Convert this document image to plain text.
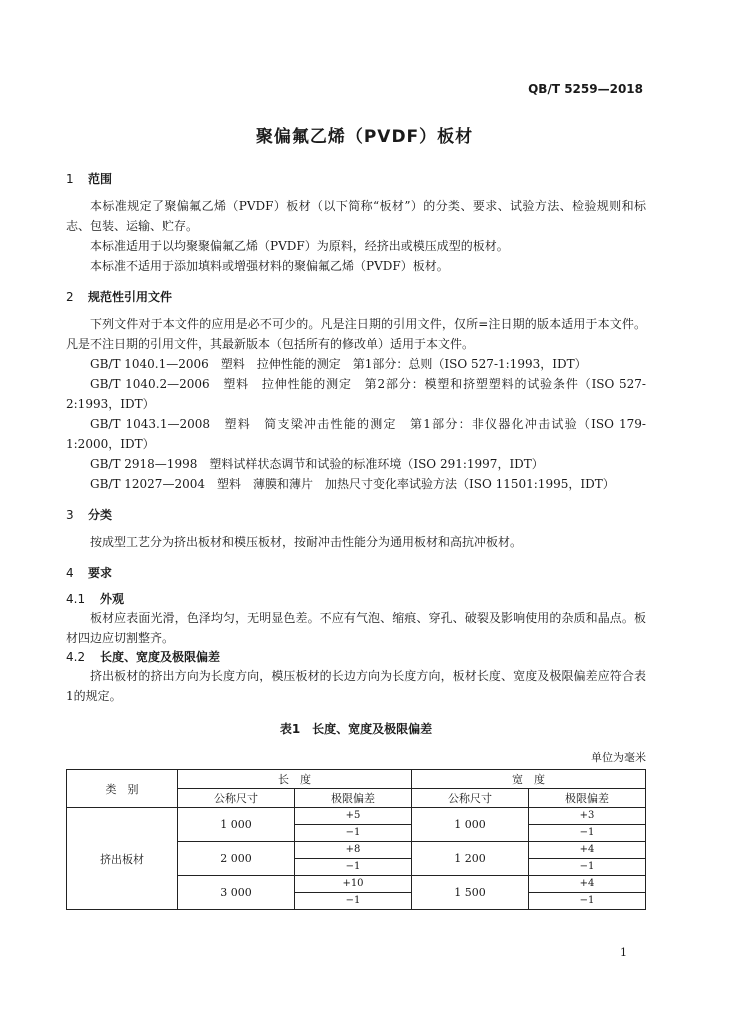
QB/T 5259—2018
聚偏氟乙烯（PVDF）板材
1 范围

本标准规定了聚偏氟乙烯（PVDF）板材（以下简称“板材”）的分类、要求、试验方法、检验规则和标志、包装、运输、贮存。

本标准适用于以均聚聚偏氟乙烯（PVDF）为原料，经挤出或模压成型的板材。

本标准不适用于添加填料或增强材料的聚偏氟乙烯（PVDF）板材。

2 规范性引用文件

下列文件对于本文件的应用是必不可少的。凡是注日期的引用文件，仅所=注日期的版本适用于本文件。凡是不注日期的引用文件，其最新版本（包括所有的修改单）适用于本文件。

GB/T 1040.1—2006　塑料　拉伸性能的测定　第1部分：总则（ISO 527-1:1993，IDT）

GB/T 1040.2—2006　塑料　拉伸性能的测定　第2部分：模塑和挤塑塑料的试验条件（ISO 527-2:1993，IDT）

GB/T 1043.1—2008　塑料　简支梁冲击性能的测定　第1部分：非仪器化冲击试验（ISO 179-1:2000，IDT）

GB/T 2918—1998　塑料试样状态调节和试验的标准环境（ISO 291:1997，IDT）

GB/T 12027—2004　塑料　薄膜和薄片　加热尺寸变化率试验方法（ISO 11501:1995，IDT）

3 分类

按成型工艺分为挤出板材和模压板材，按耐冲击性能分为通用板材和高抗冲板材。

4 要求
4.1 外观

板材应表面光滑，色泽均匀，无明显色差。不应有气泡、缩痕、穿孔、破裂及影响使用的杂质和晶点。板材四边应切割整齐。

4.2 长度、宽度及极限偏差

挤出板材的挤出方向为长度方向，模压板材的长边方向为长度方向，板材长度、宽度及极限偏差应符合表1的规定。

表1　长度、宽度及极限偏差
单位为毫米
类　别	长　度		宽　度	
	公称尺寸	极限偏差	公称尺寸	极限偏差
挤出板材	1 000	+5	1 000	+3
		−1		−1
	2 000	+8	1 200	+4
		−1		−1
	3 000	+10	1 500	+4
		−1		−1
1
